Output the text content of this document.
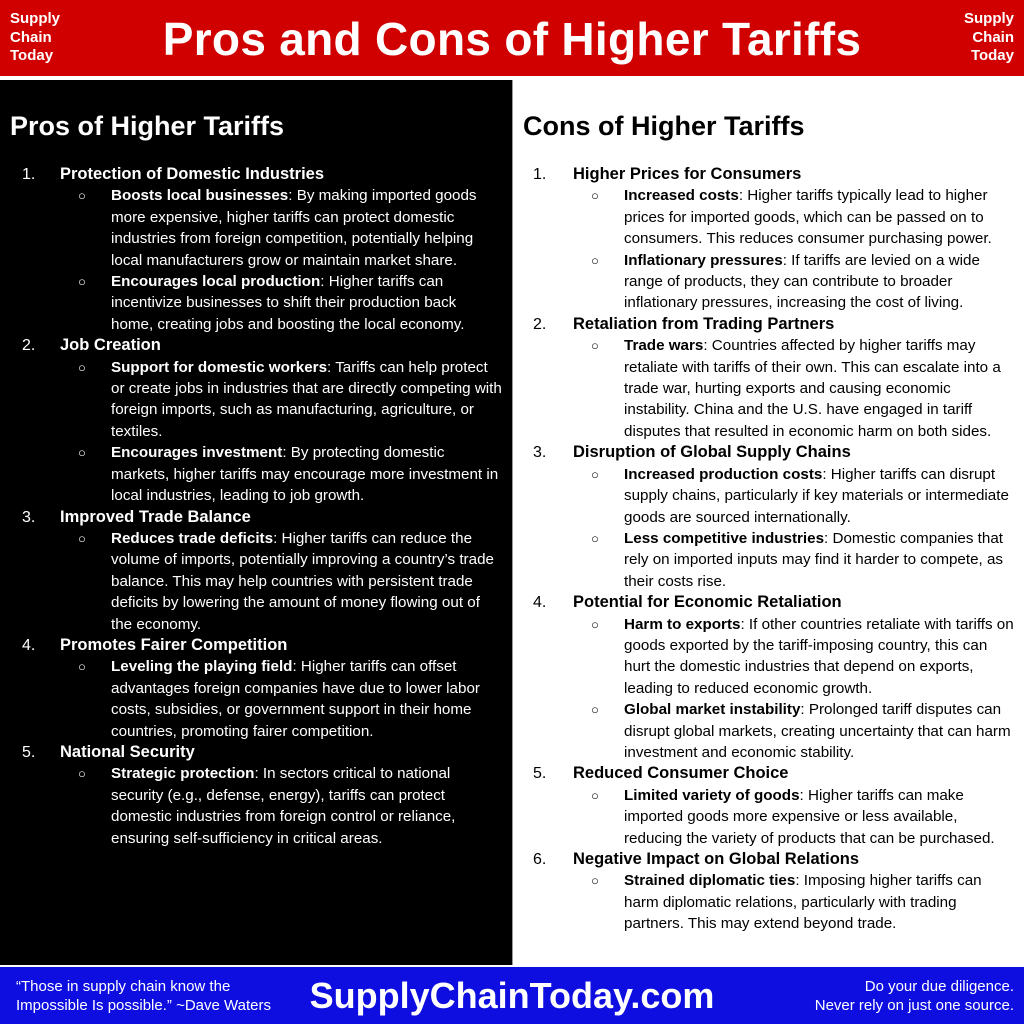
Supply
Chain
Today	Pros and Cons of Higher Tariffs	Supply
Chain
Today
Pros of Higher Tariffs
1. Protection of Domestic Industries
○ Boosts local businesses: By making imported goods more expensive, higher tariffs can protect domestic industries from foreign competition, potentially helping local manufacturers grow or maintain market share.
○ Encourages local production: Higher tariffs can incentivize businesses to shift their production back home, creating jobs and boosting the local economy.
2. Job Creation
○ Support for domestic workers: Tariffs can help protect or create jobs in industries that are directly competing with foreign imports, such as manufacturing, agriculture, or textiles.
○ Encourages investment: By protecting domestic markets, higher tariffs may encourage more investment in local industries, leading to job growth.
3. Improved Trade Balance
○ Reduces trade deficits: Higher tariffs can reduce the volume of imports, potentially improving a country’s trade balance. This may help countries with persistent trade deficits by lowering the amount of money flowing out of the economy.
4. Promotes Fairer Competition
○ Leveling the playing field: Higher tariffs can offset advantages foreign companies have due to lower labor costs, subsidies, or government support in their home countries, promoting fairer competition.
5. National Security
○ Strategic protection: In sectors critical to national security (e.g., defense, energy), tariffs can protect domestic industries from foreign control or reliance, ensuring self-sufficiency in critical areas.
Cons of Higher Tariffs
1. Higher Prices for Consumers
○ Increased costs: Higher tariffs typically lead to higher prices for imported goods, which can be passed on to consumers. This reduces consumer purchasing power.
○ Inflationary pressures: If tariffs are levied on a wide range of products, they can contribute to broader inflationary pressures, increasing the cost of living.
2. Retaliation from Trading Partners
○ Trade wars: Countries affected by higher tariffs may retaliate with tariffs of their own. This can escalate into a trade war, hurting exports and causing economic instability. China and the U.S. have engaged in tariff disputes that resulted in economic harm on both sides.
3. Disruption of Global Supply Chains
○ Increased production costs: Higher tariffs can disrupt supply chains, particularly if key materials or intermediate goods are sourced internationally.
○ Less competitive industries: Domestic companies that rely on imported inputs may find it harder to compete, as their costs rise.
4. Potential for Economic Retaliation
○ Harm to exports: If other countries retaliate with tariffs on goods exported by the tariff-imposing country, this can hurt the domestic industries that depend on exports, leading to reduced economic growth.
○ Global market instability: Prolonged tariff disputes can disrupt global markets, creating uncertainty that can harm investment and economic stability.
5. Reduced Consumer Choice
○ Limited variety of goods: Higher tariffs can make imported goods more expensive or less available, reducing the variety of products that can be purchased.
6. Negative Impact on Global Relations
○ Strained diplomatic ties: Imposing higher tariffs can harm diplomatic relations, particularly with trading partners. This may extend beyond trade.
“Those in supply chain know the
Impossible Is possible.” ~Dave Waters	SupplyChainToday.com	Do your due diligence.
Never rely on just one source.
